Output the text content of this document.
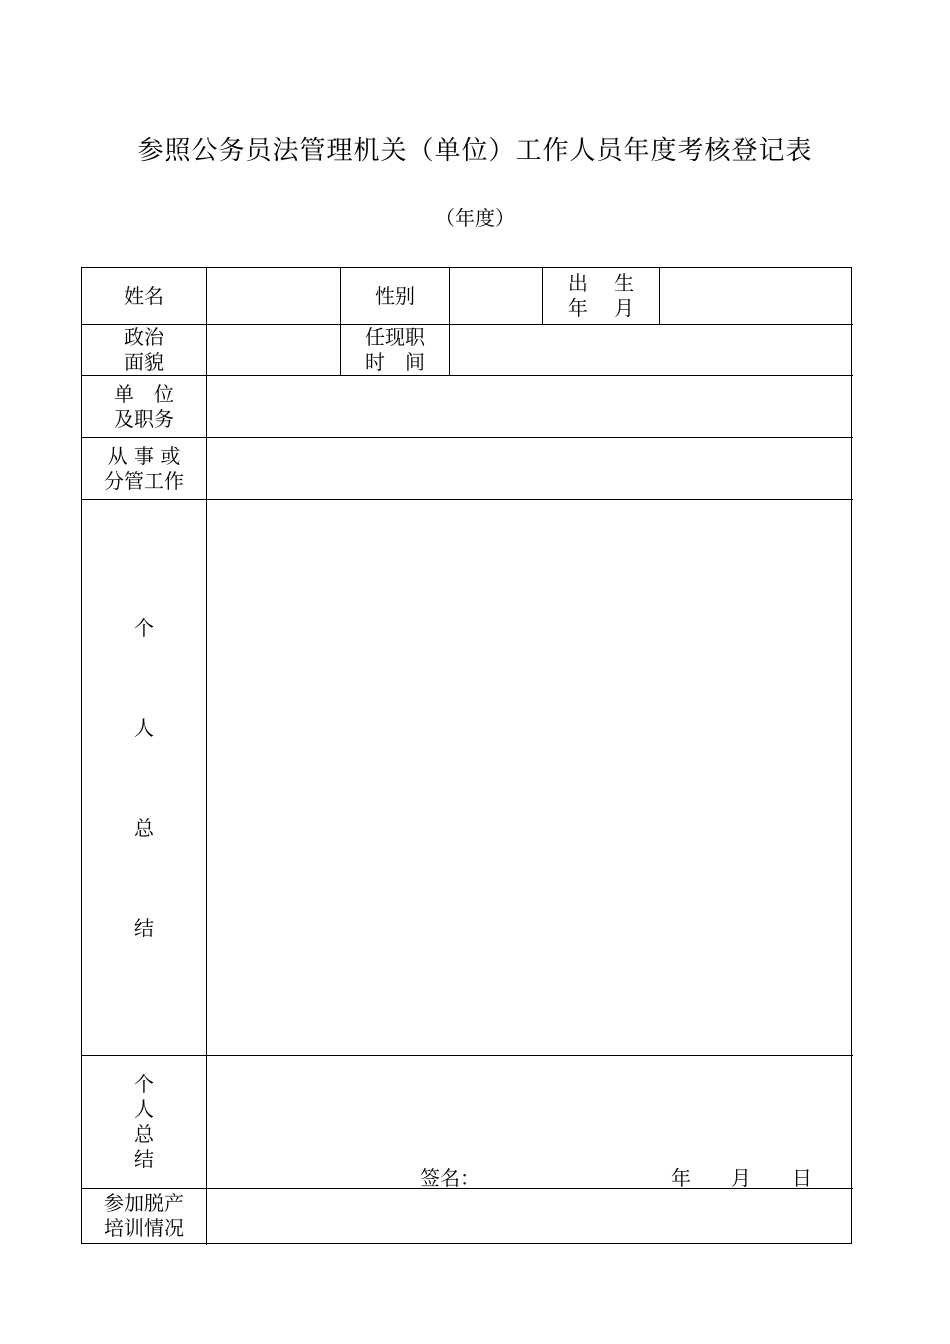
参照公务员法管理机关（单位）工作人员年度考核登记表
（年度）
姓名	性别
出　 生
年　 月
政治
面貌
任现职
时　间
单　位
及职务
从 事 或
分管工作
个
人
总
结
个
人
总
结
签名：	年 月 日
参加脱产
培训情况
